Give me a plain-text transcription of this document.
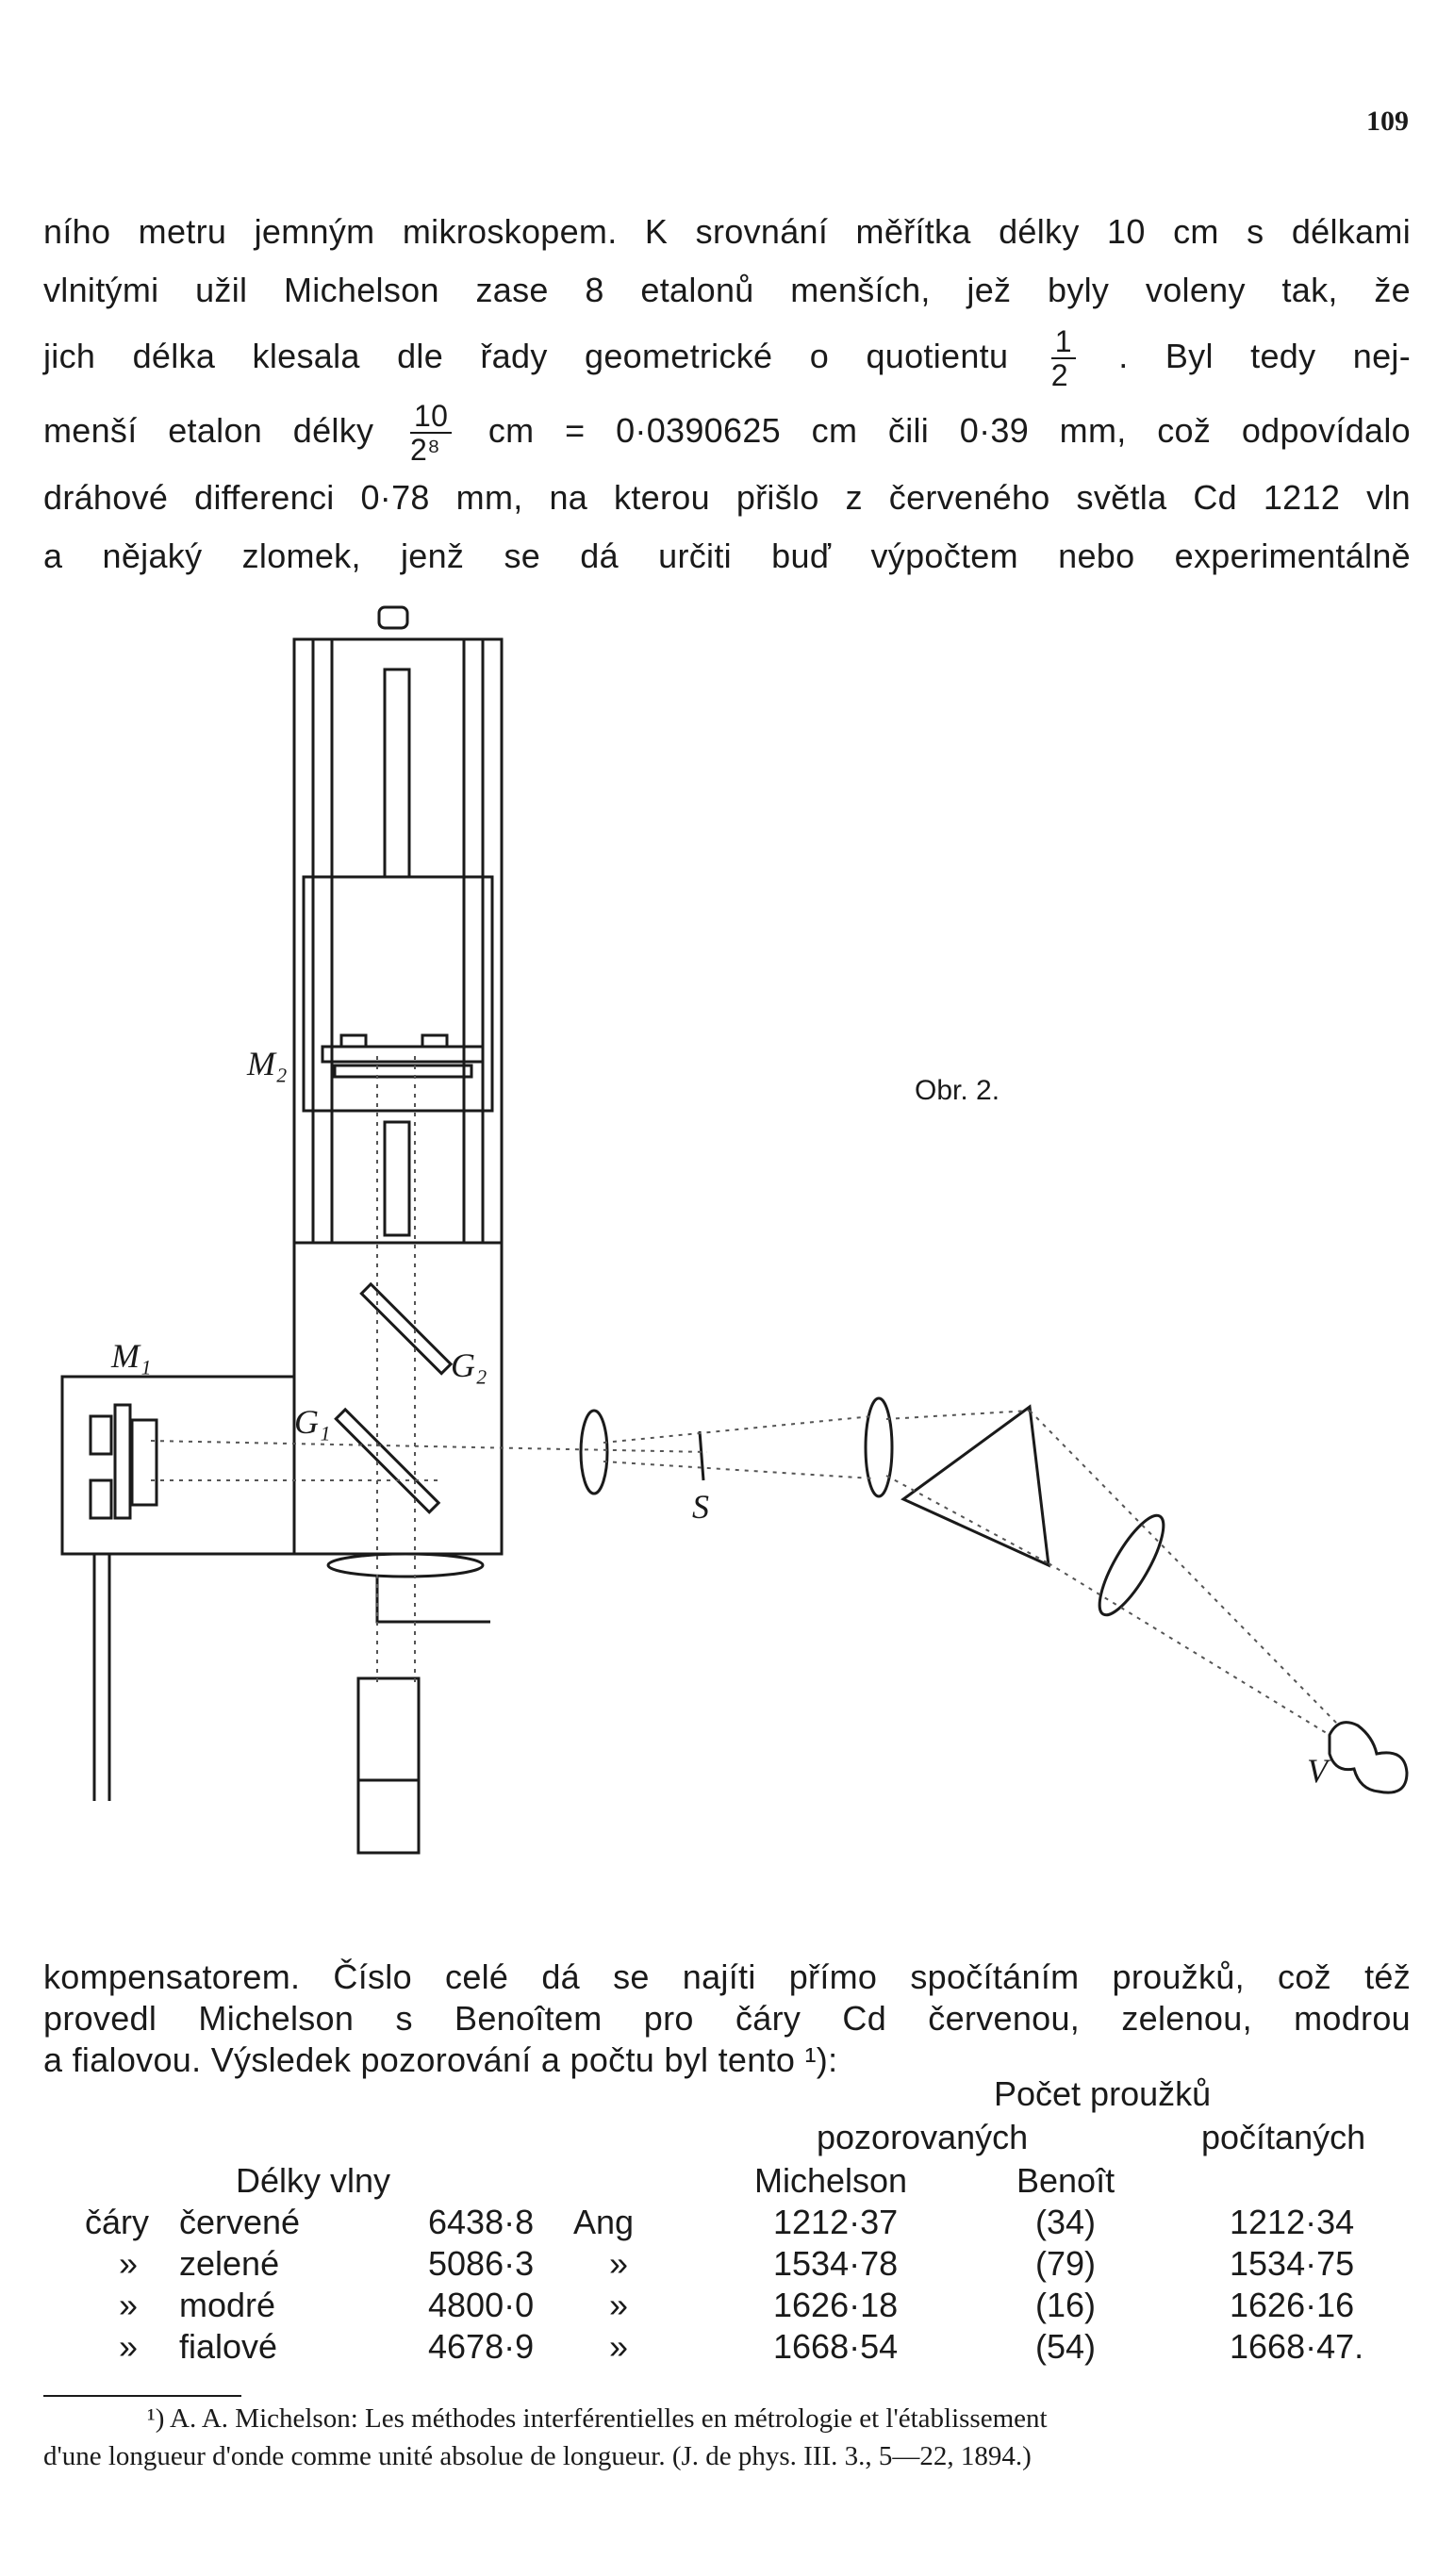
109
ního metru jemným mikroskopem. K srovnání měřítka délky 10 cm s délkami
vlnitými užil Michelson zase 8 etalonů menších, jež byly voleny tak, že
jich délka klesala dle řady geometrické o quotientu $\frac{1}{2}$ . Byl tedy nej-
menší etalon délky $\frac{10}{\text{2⁸}}$ cm = 0·0390625 cm čili 0·39 mm, což odpovídalo
dráhové differenci 0·78 mm, na kterou přišlo z červeného světla Cd 1212 vln
a nějaký zlomek, jenž se dá určiti buď výpočtem nebo experimentálně
M₂
M₁	G₂
G₁
S
V
Obr. 2.
kompensatorem. Číslo celé dá se najíti přímo spočítáním proužků, což též
provedl Michelson s Benoîtem pro čáry Cd červenou, zelenou, modrou
a fialovou. Výsledek pozorování a počtu byl tento ¹):
Počet proužků
pozorovaných	počítaných
Délky vlny	Michelson	Benoît
čáry červené	6438·8 Ang	1212·37	(34)	1212·34
» zelené	5086·3 »	1534·78	(79)	1534·75
» modré	4800·0 »	1626·18	(16)	1626·16
» fialové	4678·9 »	1668·54	(54)	1668·47.
¹) A. A. Michelson: Les méthodes interférentielles en métrologie et l'établissement
d'une longueur d'onde comme unité absolue de longueur. (J. de phys. III. 3., 5—22, 1894.)
